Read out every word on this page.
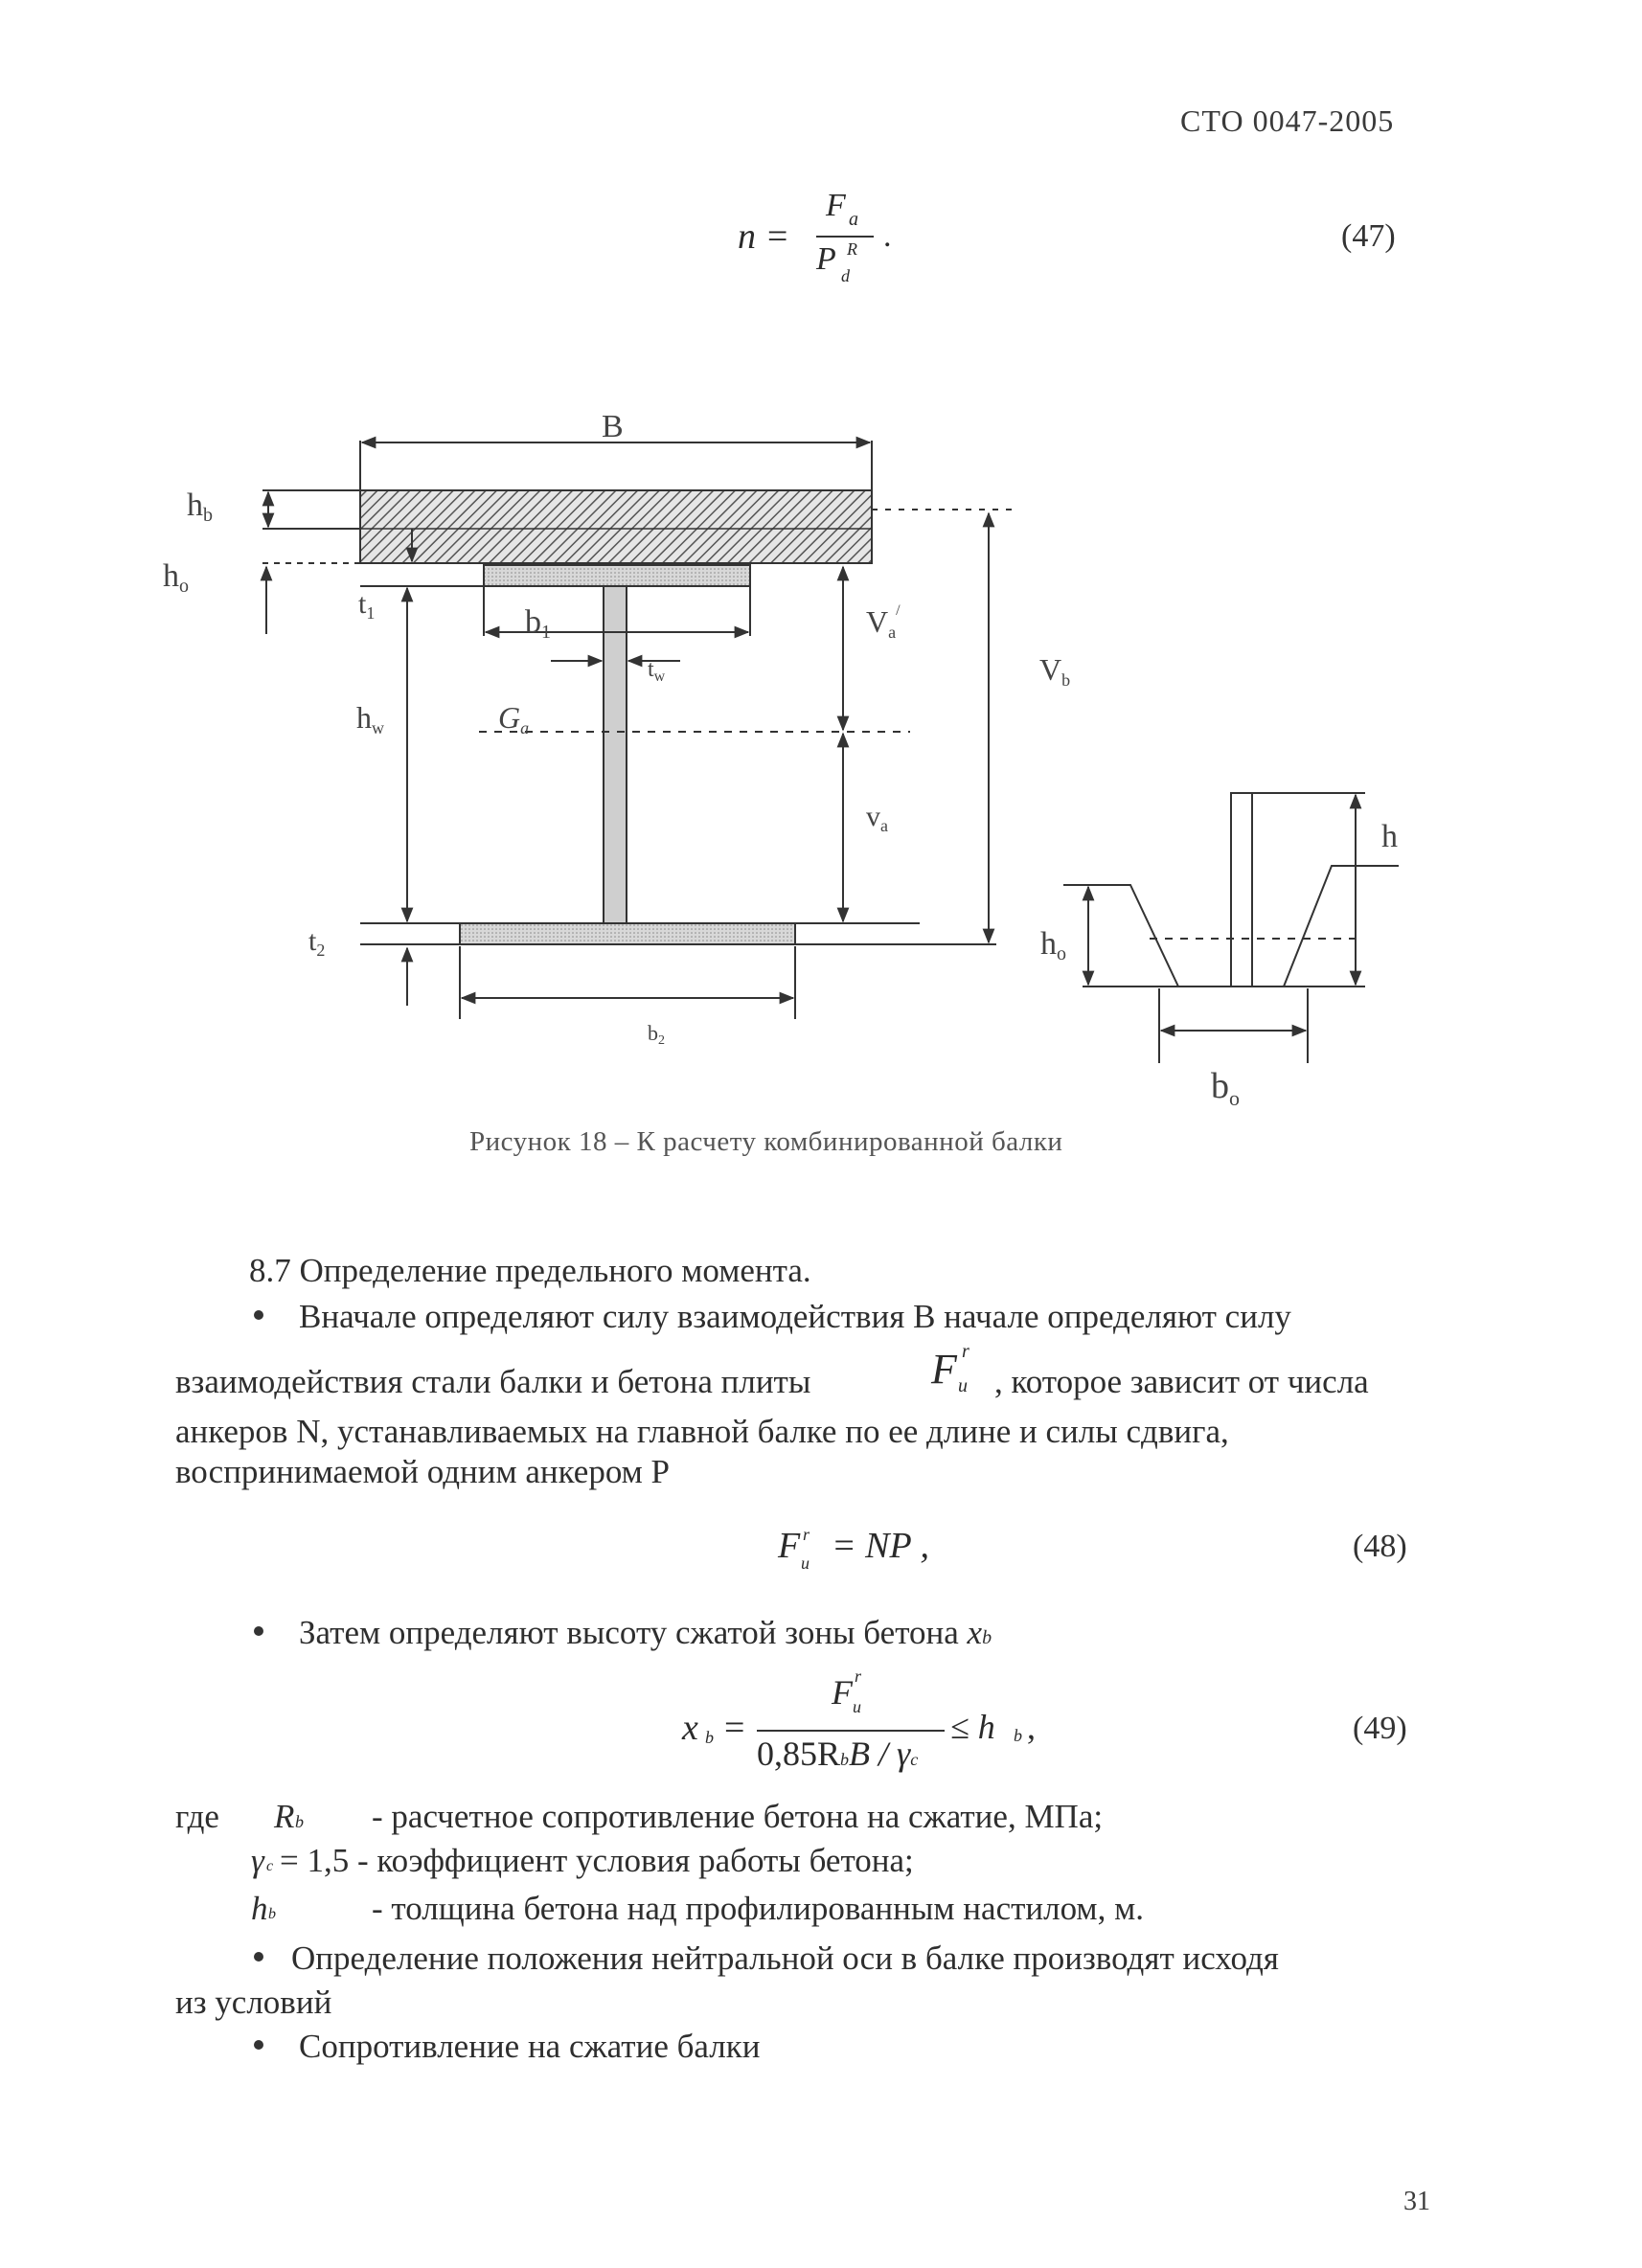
СТО 0047-2005
n =
F a
P R
d
.	(47)
B
hb
ho
$t_1$	b1
$t_w$
Va/
Vb
hw	Ga
$v_a$
$t_2$
b2
h
ho
$b_o$
Рисунок 18 – К расчету комбинированной балки
8.7 Определение предельного момента.
Вначале определяют силу взаимодействия В начале определяют силу
взаимодействия стали балки и бетона плиты	F r
u , которое зависит от числа
анкеров N, устанавливаемых на главной балке по ее длине и силы сдвига,
воспринимаемой одним анкером P
F r
u = NP ,	(48)
Затем определяют высоту сжатой зоны бетона xb
x b =
F r
u
0,85RbB / γc
≤ h b ,	(49)
где R b - расчетное сопротивление бетона на сжатие, МПа;
γ c = 1,5 - коэффициент условия работы бетона;
h b	- толщина бетона над профилированным настилом, м.
Определение положения нейтральной оси в балке производят исходя
из условий
Сопротивление на сжатие балки
31
